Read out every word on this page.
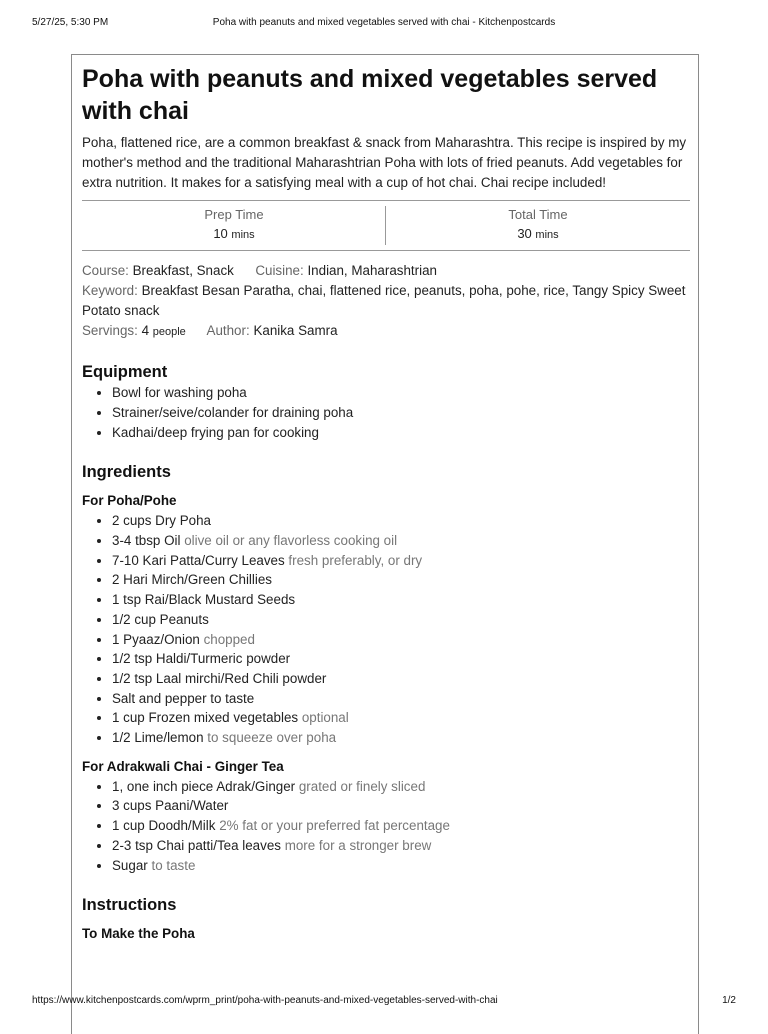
5/27/25, 5:30 PM	Poha with peanuts and mixed vegetables served with chai - Kitchenpostcards
Poha with peanuts and mixed vegetables served with chai

Poha, flattened rice, are a common breakfast & snack from Maharashtra. This recipe is inspired by my mother's method and the traditional Maharashtrian Poha with lots of fried peanuts. Add vegetables for extra nutrition. It makes for a satisfying meal with a cup of hot chai. Chai recipe included!

Prep Time
10 mins
Total Time
30 mins
Course: Breakfast, Snack Cuisine: Indian, Maharashtrian
Keyword: Breakfast Besan Paratha, chai, flattened rice, peanuts, poha, pohe, rice, Tangy Spicy Sweet Potato snack
Servings: 4 people Author: Kanika Samra
Equipment
• Bowl for washing poha
• Strainer/seive/colander for draining poha
• Kadhai/deep frying pan for cooking
Ingredients
For Poha/Pohe
• 2 cups Dry Poha
• 3-4 tbsp Oil olive oil or any flavorless cooking oil
• 7-10 Kari Patta/Curry Leaves fresh preferably, or dry
• 2 Hari Mirch/Green Chillies
• 1 tsp Rai/Black Mustard Seeds
• 1/2 cup Peanuts
• 1 Pyaaz/Onion chopped
• 1/2 tsp Haldi/Turmeric powder
• 1/2 tsp Laal mirchi/Red Chili powder
• Salt and pepper to taste
• 1 cup Frozen mixed vegetables optional
• 1/2 Lime/lemon to squeeze over poha
For Adrakwali Chai - Ginger Tea
• 1, one inch piece Adrak/Ginger grated or finely sliced
• 3 cups Paani/Water
• 1 cup Doodh/Milk 2% fat or your preferred fat percentage
• 2-3 tsp Chai patti/Tea leaves more for a stronger brew
• Sugar to taste
Instructions
To Make the Poha
https://www.kitchenpostcards.com/wprm_print/poha-with-peanuts-and-mixed-vegetables-served-with-chai	1/2
